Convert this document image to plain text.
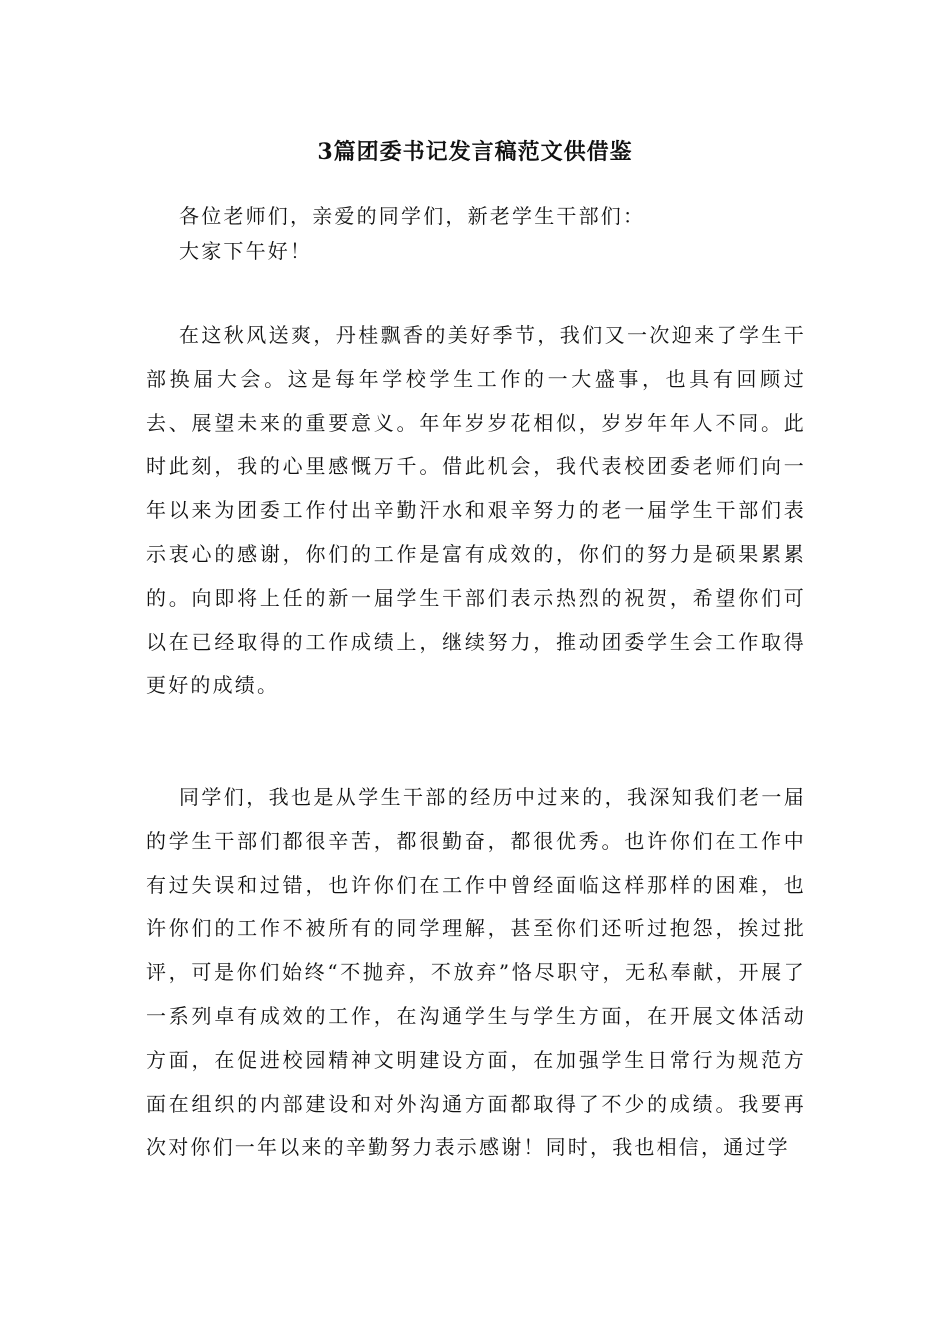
3篇团委书记发言稿范文供借鉴

各位老师们，亲爱的同学们，新老学生干部们：

大家下午好！

在这秋风送爽，丹桂飘香的美好季节，我们又一次迎来了学生干部换届大会。这是每年学校学生工作的一大盛事，也具有回顾过去、展望未来的重要意义。年年岁岁花相似，岁岁年年人不同。此时此刻，我的心里感慨万千。借此机会，我代表校团委老师们向一年以来为团委工作付出辛勤汗水和艰辛努力的老一届学生干部们表示衷心的感谢，你们的工作是富有成效的，你们的努力是硕果累累的。向即将上任的新一届学生干部们表示热烈的祝贺，希望你们可以在已经取得的工作成绩上，继续努力，推动团委学生会工作取得更好的成绩。

同学们，我也是从学生干部的经历中过来的，我深知我们老一届的学生干部们都很辛苦，都很勤奋，都很优秀。也许你们在工作中有过失误和过错，也许你们在工作中曾经面临这样那样的困难，也许你们的工作不被所有的同学理解，甚至你们还听过抱怨，挨过批评，可是你们始终“不抛弃，不放弃”恪尽职守，无私奉献，开展了一系列卓有成效的工作，在沟通学生与学生方面，在开展文体活动方面，在促进校园精神文明建设方面，在加强学生日常行为规范方面在组织的内部建设和对外沟通方面都取得了不少的成绩。我要再次对你们一年以来的辛勤努力表示感谢！同时，我也相信，通过学
